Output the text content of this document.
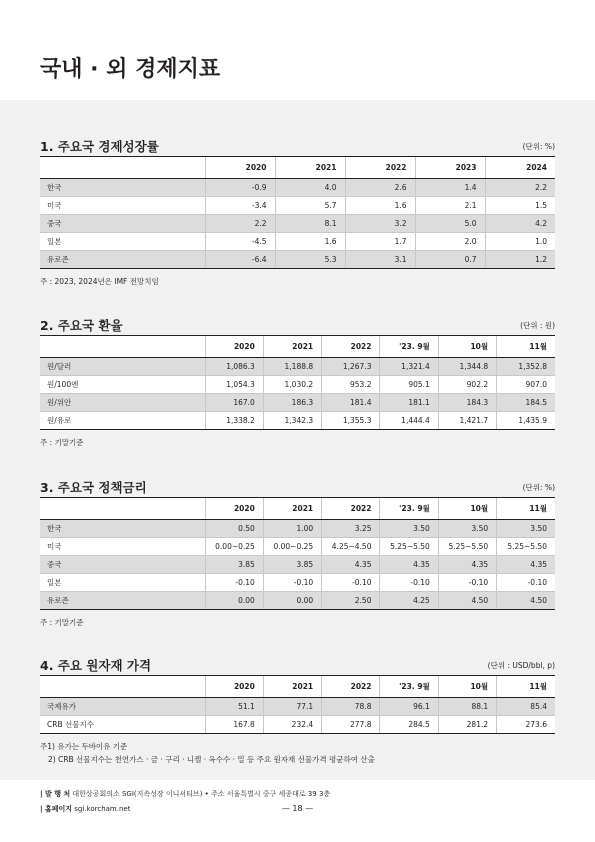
국내 · 외 경제지표
1. 주요국 경제성장률	(단위: %)
	2020	2021	2022	2023	2024
한국	-0.9	4.0	2.6	1.4	2.2
미국	-3.4	5.7	1.6	2.1	1.5
중국	2.2	8.1	3.2	5.0	4.2
일본	-4.5	1.6	1.7	2.0	1.0
유로존	-6.4	5.3	3.1	0.7	1.2
주 : 2023, 2024년은 IMF 전망치임
2. 주요국 환율	(단위 : 원)
	2020	2021	2022	'23. 9월	10월	11월
원/달러	1,086.3	1,188.8	1,267.3	1,321.4	1,344.8	1,352.8
원/100엔	1,054.3	1,030.2	953.2	905.1	902.2	907.0
원/위안	167.0	186.3	181.4	181.1	184.3	184.5
원/유로	1,338.2	1,342.3	1,355.3	1,444.4	1,421.7	1,435.9
주 : 기말기준
3. 주요국 정책금리	(단위: %)
	2020	2021	2022	'23. 9월	10월	11월
한국	0.50	1.00	3.25	3.50	3.50	3.50
미국	0.00~0.25	0.00~0.25	4.25~4.50	5.25~5.50	5.25~5.50	5.25~5.50
중국	3.85	3.85	4.35	4.35	4.35	4.35
일본	-0.10	-0.10	-0.10	-0.10	-0.10	-0.10
유로존	0.00	0.00	2.50	4.25	4.50	4.50
주 : 기말기준
4. 주요 원자재 가격	(단위 : USD/bbl, p)
	2020	2021	2022	'23. 9월	10월	11월
국제유가	51.1	77.1	78.8	96.1	88.1	85.4
CRB 선물지수	167.8	232.4	277.8	284.5	281.2	273.6
주1) 유가는 두바이유 기준
2) CRB 선물지수는 천연가스 · 금 · 구리 · 니켈 · 옥수수 · 밀 등 주요 원자재 선물가격 평균하여 산출
| 발 행 처 대한상공회의소 SGI(지속성장 이니셔티브) • 주소 서울특별시 중구 세종대로 39 3층
| 홈페이지 sgi.korcham.net	— 18 —
